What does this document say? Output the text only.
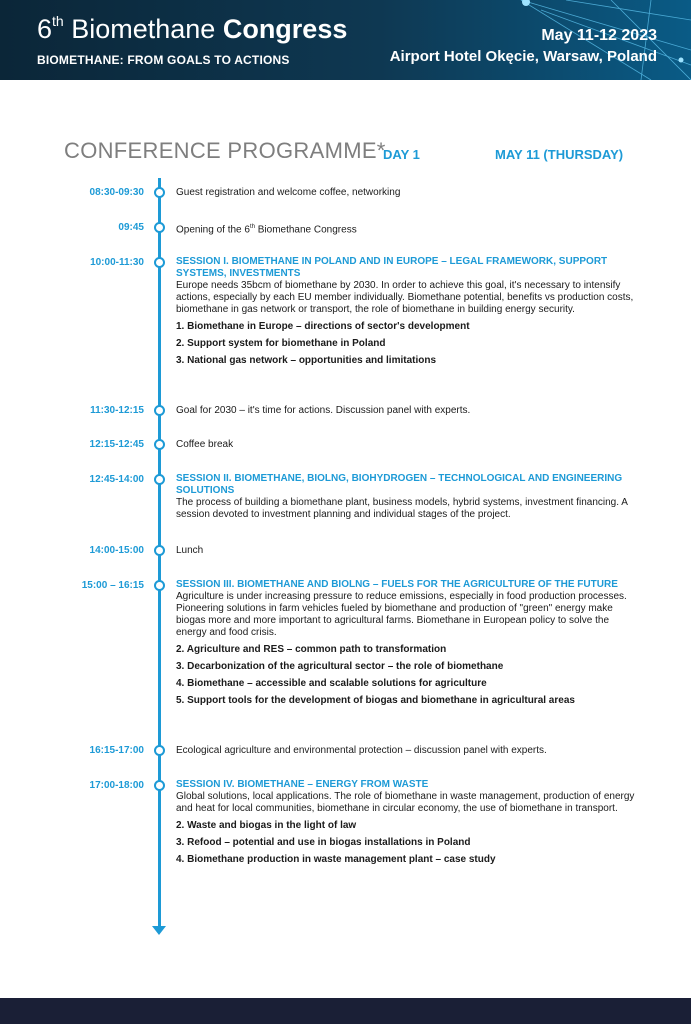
6th Biomethane Congress
BIOMETHANE: FROM GOALS TO ACTIONS
May 11-12 2023
Airport Hotel Okęcie, Warsaw, Poland
CONFERENCE PROGRAMME*
DAY 1	MAY 11 (THURSDAY)
08:30-09:30	Guest registration and welcome coffee, networking
09:45	Opening of the 6th Biomethane Congress
10:00-11:30	SESSION I. BIOMETHANE IN POLAND AND IN EUROPE – LEGAL FRAMEWORK, SUPPORT SYSTEMS, INVESTMENTS
Europe needs 35bcm of biomethane by 2030. In order to achieve this goal, it's necessary to intensify actions, especially by each EU member individually. Biomethane potential, benefits vs production costs, biomethane in gas network or transport, the role of biomethane in building energy security.
1. Biomethane in Europe – directions of sector's development
2. Support system for biomethane in Poland
3. National gas network – opportunities and limitations
11:30-12:15	Goal for 2030 – it's time for actions. Discussion panel with experts.
12:15-12:45	Coffee break
12:45-14:00	SESSION II. BIOMETHANE, BIOLNG, BIOHYDROGEN – TECHNOLOGICAL AND ENGINEERING SOLUTIONS
The process of building a biomethane plant, business models, hybrid systems, investment financing. A session devoted to investment planning and individual stages of the project.
14:00-15:00	Lunch
15:00 – 16:15	SESSION III. BIOMETHANE AND BIOLNG – FUELS FOR THE AGRICULTURE OF THE FUTURE
Agriculture is under increasing pressure to reduce emissions, especially in food production processes. Pioneering solutions in farm vehicles fueled by biomethane and production of "green" energy make biogas more and more important to agricultural farms. Biomethane in European policy to solve the energy and food crisis.
2. Agriculture and RES – common path to transformation
3. Decarbonization of the agricultural sector – the role of biomethane
4. Biomethane – accessible and scalable solutions for agriculture
5. Support tools for the development of biogas and biomethane in agricultural areas
16:15-17:00	Ecological agriculture and environmental protection – discussion panel with experts.
17:00-18:00	SESSION IV. BIOMETHANE – ENERGY FROM WASTE
Global solutions, local applications. The role of biomethane in waste management, production of energy and heat for local communities, biomethane in circular economy, the use of biomethane in transport.
2. Waste and biogas in the light of law
3. Refood – potential and use in biogas installations in Poland
4. Biomethane production in waste management plant – case study
